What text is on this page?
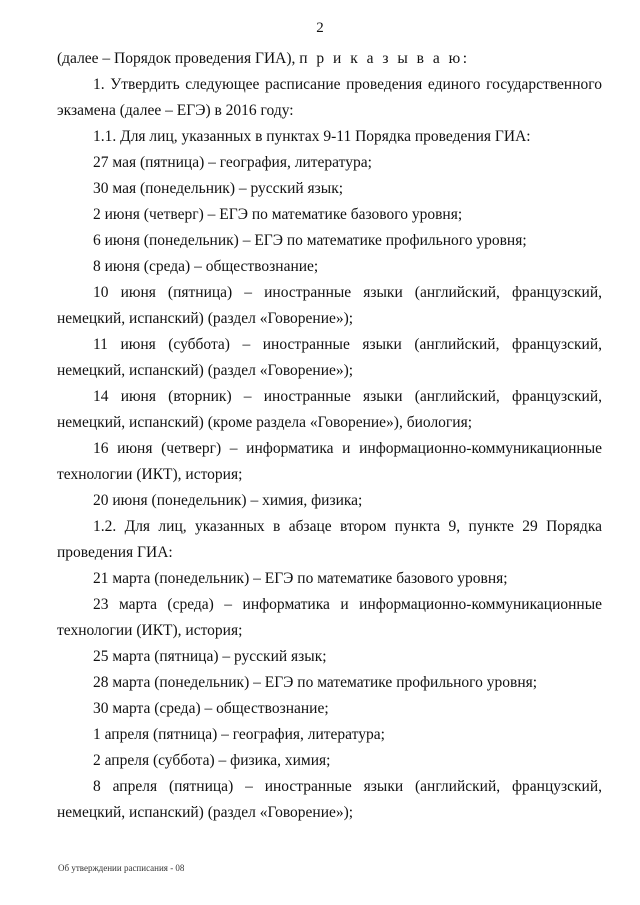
2

(далее – Порядок проведения ГИА), п р и к а з ы в а ю:

1. Утвердить следующее расписание проведения единого государственного экзамена (далее – ЕГЭ) в 2016 году:

1.1. Для лиц, указанных в пунктах 9-11 Порядка проведения ГИА:

27 мая (пятница) – география, литература;

30 мая (понедельник) – русский язык;

2 июня (четверг) – ЕГЭ по математике базового уровня;

6 июня (понедельник) – ЕГЭ по математике профильного уровня;

8 июня (среда) – обществознание;

10 июня (пятница) – иностранные языки (английский, французский, немецкий, испанский) (раздел «Говорение»);

11 июня (суббота) – иностранные языки (английский, французский, немецкий, испанский) (раздел «Говорение»);

14 июня (вторник) – иностранные языки (английский, французский, немецкий, испанский) (кроме раздела «Говорение»), биология;

16 июня (четверг) – информатика и информационно-коммуникационные технологии (ИКТ), история;

20 июня (понедельник) – химия, физика;

1.2. Для лиц, указанных в абзаце втором пункта 9, пункте 29 Порядка проведения ГИА:

21 марта (понедельник) – ЕГЭ по математике базового уровня;

23 марта (среда) – информатика и информационно-коммуникационные технологии (ИКТ), история;

25 марта (пятница) – русский язык;

28 марта (понедельник) – ЕГЭ по математике профильного уровня;

30 марта (среда) – обществознание;

1 апреля (пятница) – география, литература;

2 апреля (суббота) – физика, химия;

8 апреля (пятница) – иностранные языки (английский, французский, немецкий, испанский) (раздел «Говорение»);

Об утверждении расписания - 08
